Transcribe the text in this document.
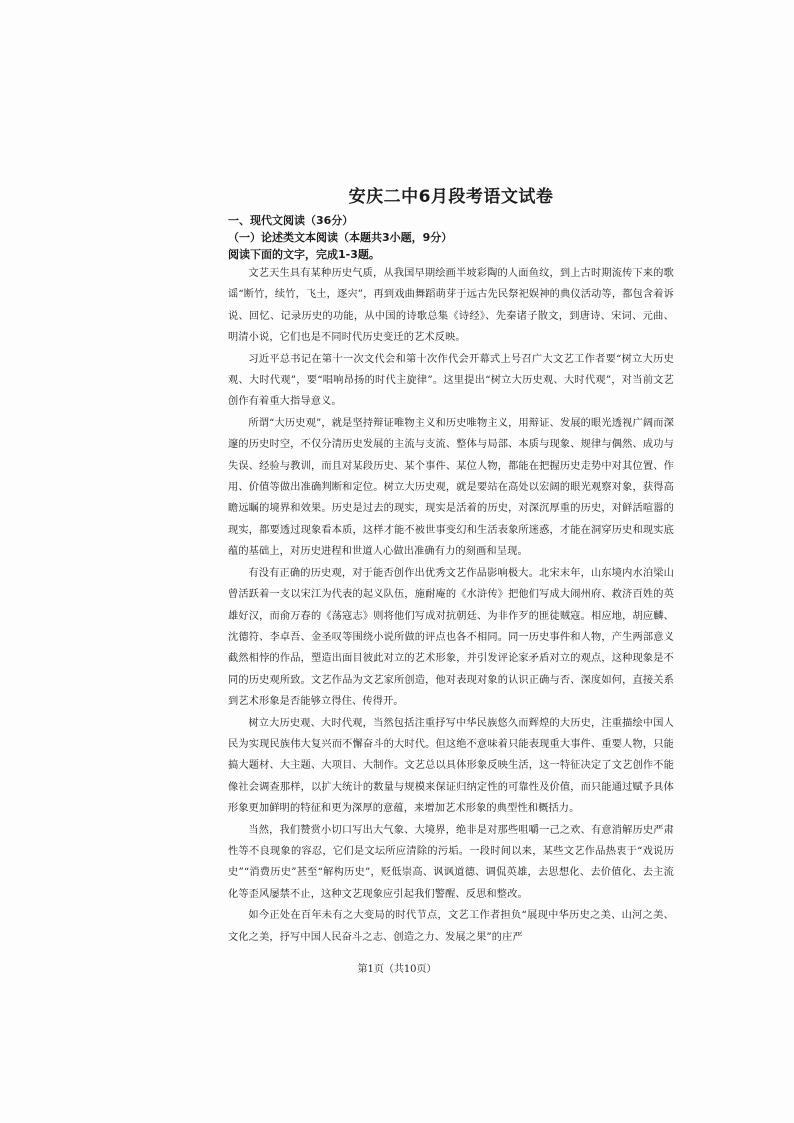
安庆二中6月段考语文试卷
一、现代文阅读（36分）
（一）论述类文本阅读（本题共3小题，9分）
阅读下面的文字，完成1-3题。

文艺天生具有某种历史气质，从我国早期绘画半坡彩陶的人面鱼纹，到上古时期流传下来的歌谣“断竹，续竹，飞土，逐宍”，再到戏曲舞蹈萌芽于远古先民祭祀娱神的典仪活动等，都包含着诉说、回忆、记录历史的功能，从中国的诗歌总集《诗经》、先秦诸子散文，到唐诗、宋词、元曲、明清小说，它们也是不同时代历史变迁的艺术反映。

习近平总书记在第十一次文代会和第十次作代会开幕式上号召广大文艺工作者要“树立大历史观、大时代观”，要“唱响昂扬的时代主旋律”。这里提出“树立大历史观、大时代观”，对当前文艺创作有着重大指导意义。

所谓“大历史观”，就是坚持辩证唯物主义和历史唯物主义，用辩证、发展的眼光透视广阔而深邃的历史时空，不仅分清历史发展的主流与支流、整体与局部、本质与现象、规律与偶然、成功与失误、经验与教训，而且对某段历史、某个事件、某位人物，都能在把握历史走势中对其位置、作用、价值等做出准确判断和定位。树立大历史观，就是要站在高处以宏阔的眼光观察对象，获得高瞻远瞩的境界和效果。历史是过去的现实，现实是活着的历史，对深沉厚重的历史，对鲜活喧嚣的现实，都要透过现象看本质，这样才能不被世事变幻和生活表象所迷惑，才能在洞穿历史和现实底蕴的基础上，对历史进程和世道人心做出准确有力的刻画和呈现。

有没有正确的历史观，对于能否创作出优秀文艺作品影响极大。北宋末年，山东境内水泊梁山曾活跃着一支以宋江为代表的起义队伍，施耐庵的《水浒传》把他们写成大闹州府、救济百姓的英雄好汉，而俞万春的《荡寇志》则将他们写成对抗朝廷、为非作歹的匪徒贼寇。相应地，胡应麟、沈德符、李卓吾、金圣叹等围绕小说所做的评点也各不相同。同一历史事件和人物，产生两部意义截然相悖的作品，塑造出面目彼此对立的艺术形象，并引发评论家矛盾对立的观点，这种现象是不同的历史观所致。文艺作品为文艺家所创造，他对表现对象的认识正确与否、深度如何，直接关系到艺术形象是否能够立得住、传得开。

树立大历史观、大时代观，当然包括注重抒写中华民族悠久而辉煌的大历史，注重描绘中国人民为实现民族伟大复兴而不懈奋斗的大时代。但这绝不意味着只能表现重大事件、重要人物，只能搞大题材、大主题、大项目、大制作。文艺总以具体形象反映生活，这一特征决定了文艺创作不能像社会调查那样，以扩大统计的数量与规模来保证归纳定性的可靠性及价值，而只能通过赋予具体形象更加鲜明的特征和更为深厚的意蕴，来增加艺术形象的典型性和概括力。

当然，我们赞赏小切口写出大气象、大境界，绝非是对那些咀嚼一己之欢、有意消解历史严肃性等不良现象的容忍，它们是文坛所应清除的污垢。一段时间以来，某些文艺作品热衷于“戏说历史”“消费历史”甚至“解构历史”，贬低崇高、讽讽道德、调侃英雄，去思想化、去价值化、去主流化等歪风屡禁不止，这种文艺现象应引起我们警醒、反思和整改。

如今正处在百年未有之大变局的时代节点，文艺工作者担负“展现中华历史之美、山河之美、文化之美，抒写中国人民奋斗之志、创造之力、发展之果”的庄严

第1页（共10页）
